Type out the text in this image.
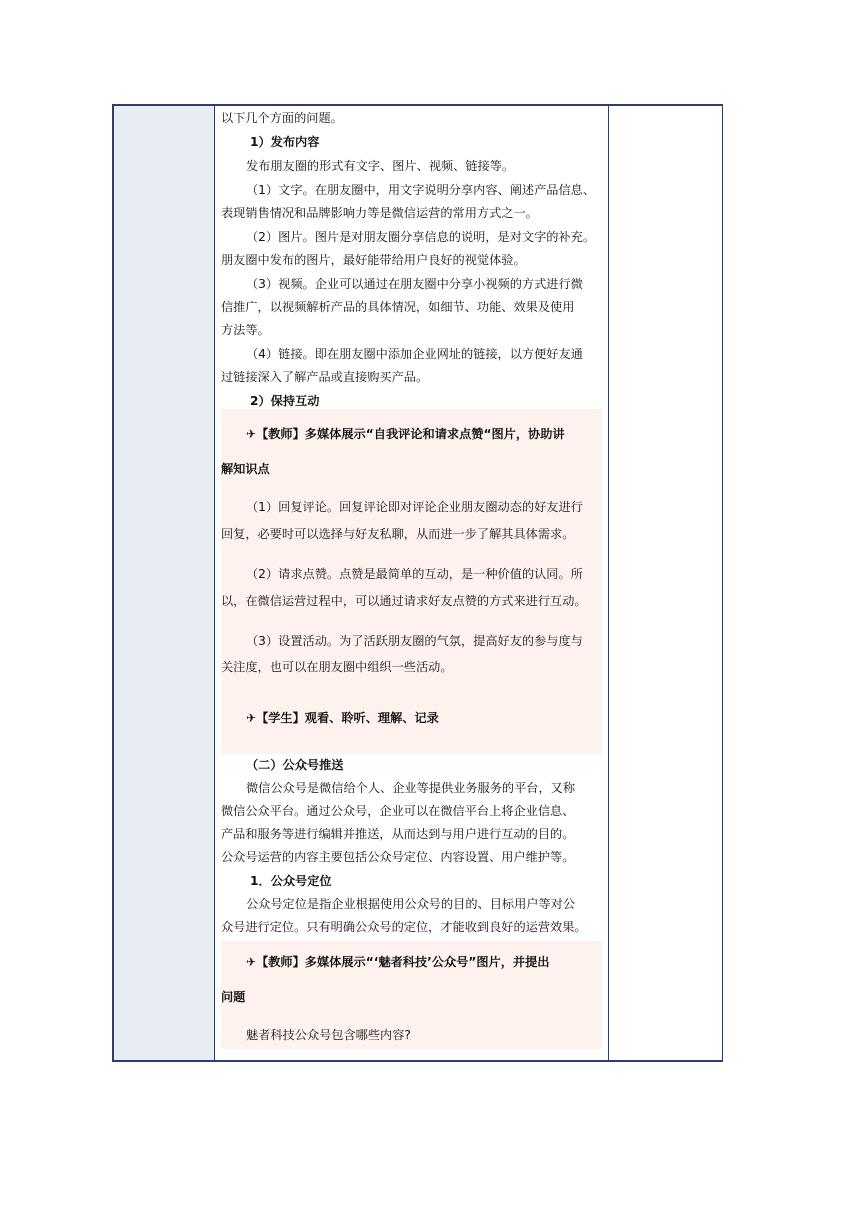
以下几个方面的问题。
1）发布内容
发布朋友圈的形式有文字、图片、视频、链接等。
（1）文字。在朋友圈中，用文字说明分享内容、阐述产品信息、
表现销售情况和品牌影响力等是微信运营的常用方式之一。
（2）图片。图片是对朋友圈分享信息的说明，是对文字的补充。
朋友圈中发布的图片，最好能带给用户良好的视觉体验。
（3）视频。企业可以通过在朋友圈中分享小视频的方式进行微
信推广，以视频解析产品的具体情况，如细节、功能、效果及使用
方法等。
（4）链接。即在朋友圈中添加企业网址的链接，以方便好友通
过链接深入了解产品或直接购买产品。
2）保持互动
✈【教师】多媒体展示“自我评论和请求点赞“图片，协助讲
解知识点
（1）回复评论。回复评论即对评论企业朋友圈动态的好友进行
回复，必要时可以选择与好友私聊，从而进一步了解其具体需求。
（2）请求点赞。点赞是最简单的互动，是一种价值的认同。所
以，在微信运营过程中，可以通过请求好友点赞的方式来进行互动。
（3）设置活动。为了活跃朋友圈的气氛，提高好友的参与度与
关注度，也可以在朋友圈中组织一些活动。
✈【学生】观看、聆听、理解、记录
（二）公众号推送
微信公众号是微信给个人、企业等提供业务服务的平台，又称
微信公众平台。通过公众号，企业可以在微信平台上将企业信息、
产品和服务等进行编辑并推送，从而达到与用户进行互动的目的。
公众号运营的内容主要包括公众号定位、内容设置、用户维护等。
1．公众号定位
公众号定位是指企业根据使用公众号的目的、目标用户等对公
众号进行定位。只有明确公众号的定位，才能收到良好的运营效果。
✈【教师】多媒体展示“‘魅者科技’公众号”图片，并提出
问题
魅者科技公众号包含哪些内容?
